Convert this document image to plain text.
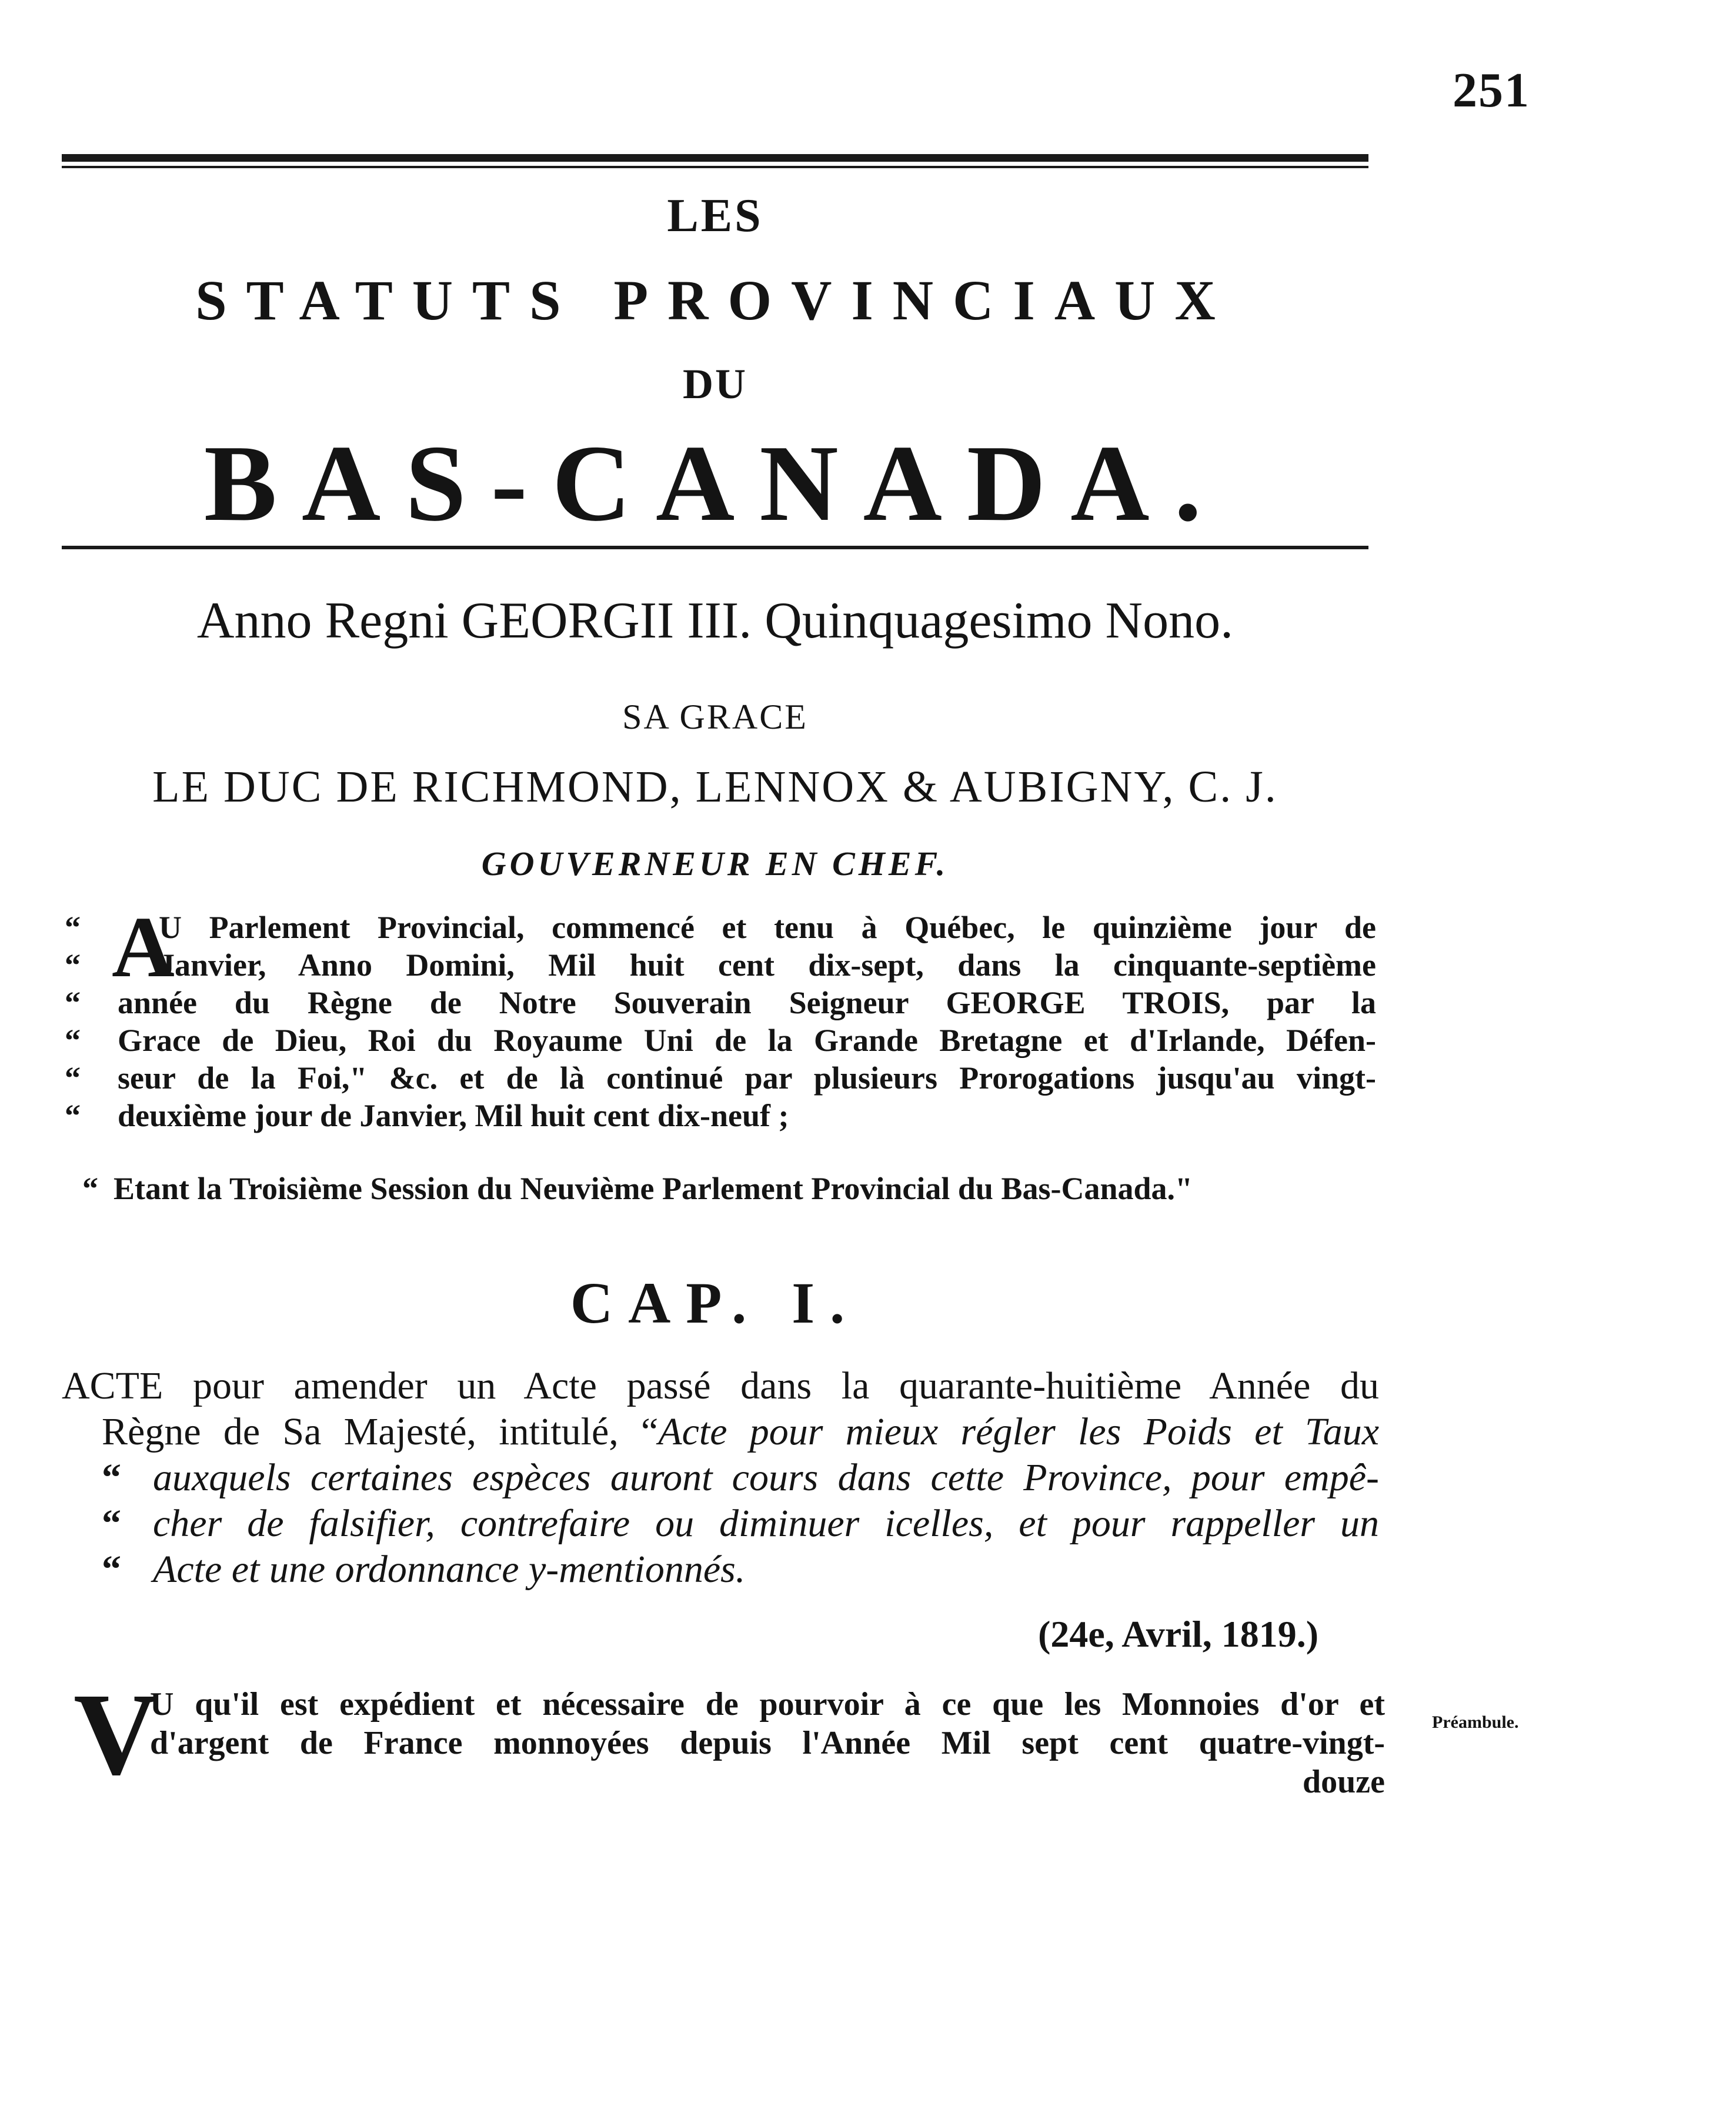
251
LES
STATUTS PROVINCIAUX
DU
BAS-CANADA.
Anno Regni GEORGII III. Quinquagesimo Nono.
SA GRACE
LE DUC DE RICHMOND, LENNOX & AUBIGNY, C. J.
GOUVERNEUR EN CHEF.
“ A
U Parlement Provincial, commencé et tenu à Québec, le quinzième jour de
“ Janvier, Anno Domini, Mil huit cent dix-sept, dans la cinquante-septième
“ année du Règne de Notre Souverain Seigneur GEORGE TROIS, par la
“ Grace de Dieu, Roi du Royaume Uni de la Grande Bretagne et d'Irlande, Défen-
“ seur de la Foi," &c. et de là continué par plusieurs Prorogations jusqu'au vingt-
“ deuxième jour de Janvier, Mil huit cent dix-neuf ;
“ Etant la Troisième Session du Neuvième Parlement Provincial du Bas-Canada."
CAP. I.
ACTE pour amender un Acte passé dans la quarante-huitième Année du
Règne de Sa Majesté, intitulé, “Acte pour mieux régler les Poids et Taux
“ auxquels certaines espèces auront cours dans cette Province, pour empê-
“ cher de falsifier, contrefaire ou diminuer icelles, et pour rappeller un
“ Acte et une ordonnance y-mentionnés.
(24e, Avril, 1819.)
V
U qu'il est expédient et nécessaire de pourvoir à ce que les Monnoies d'or et
d'argent de France monnoyées depuis l'Année Mil sept cent quatre-vingt-
douze
Préambule.
